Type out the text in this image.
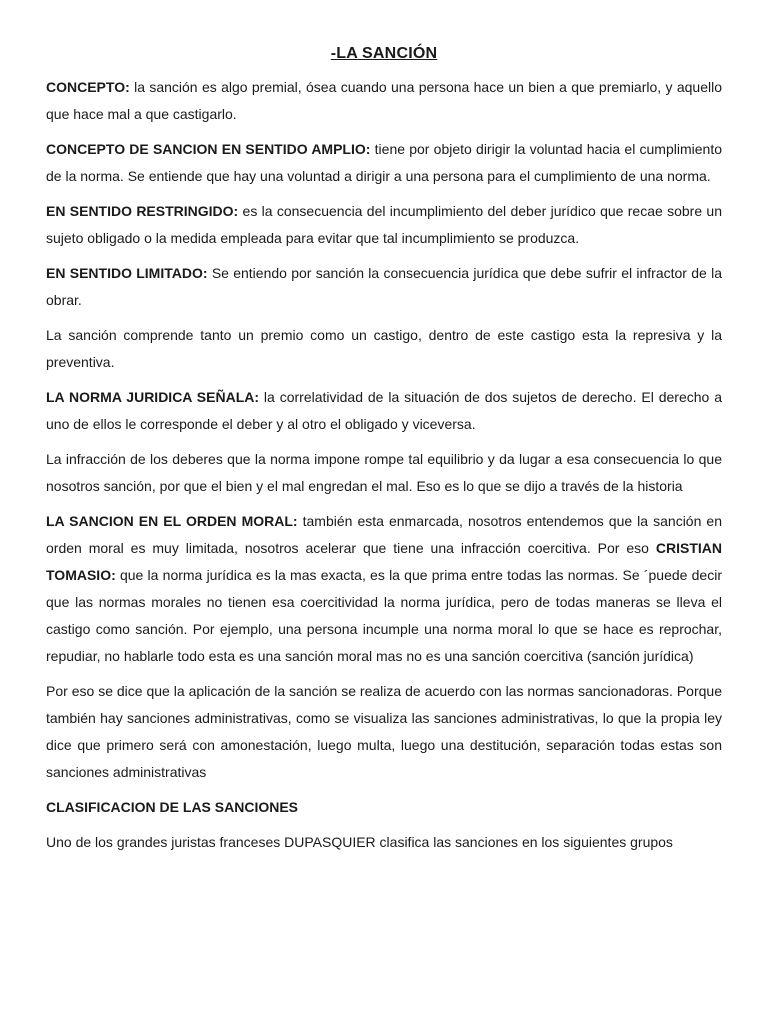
-LA SANCIÓN

CONCEPTO: la sanción es algo premial, ósea cuando una persona hace un bien a que premiarlo, y aquello que hace mal a que castigarlo.

CONCEPTO DE SANCION EN SENTIDO AMPLIO: tiene por objeto dirigir la voluntad hacia el cumplimiento de la norma. Se entiende que hay una voluntad a dirigir a una persona para el cumplimiento de una norma.

EN SENTIDO RESTRINGIDO: es la consecuencia del incumplimiento del deber jurídico que recae sobre un sujeto obligado o la medida empleada para evitar que tal incumplimiento se produzca.

EN SENTIDO LIMITADO: Se entiendo por sanción la consecuencia jurídica que debe sufrir el infractor de la obrar.

La sanción comprende tanto un premio como un castigo, dentro de este castigo esta la represiva y la preventiva.

LA NORMA JURIDICA SEÑALA: la correlatividad de la situación de dos sujetos de derecho. El derecho a uno de ellos le corresponde el deber y al otro el obligado y viceversa.

La infracción de los deberes que la norma impone rompe tal equilibrio y da lugar a esa consecuencia lo que nosotros sanción, por que el bien y el mal engredan el mal. Eso es lo que se dijo a través de la historia

LA SANCION EN EL ORDEN MORAL: también esta enmarcada, nosotros entendemos que la sanción en orden moral es muy limitada, nosotros acelerar que tiene una infracción coercitiva. Por eso CRISTIAN TOMASIO: que la norma jurídica es la mas exacta, es la que prima entre todas las normas. Se ´puede decir que las normas morales no tienen esa coercitividad la norma jurídica, pero de todas maneras se lleva el castigo como sanción. Por ejemplo, una persona incumple una norma moral lo que se hace es reprochar, repudiar, no hablarle todo esta es una sanción moral mas no es una sanción coercitiva (sanción jurídica)

Por eso se dice que la aplicación de la sanción se realiza de acuerdo con las normas sancionadoras. Porque también hay sanciones administrativas, como se visualiza las sanciones administrativas, lo que la propia ley dice que primero será con amonestación, luego multa, luego una destitución, separación todas estas son sanciones administrativas

CLASIFICACION DE LAS SANCIONES

Uno de los grandes juristas franceses DUPASQUIER clasifica las sanciones en los siguientes grupos
